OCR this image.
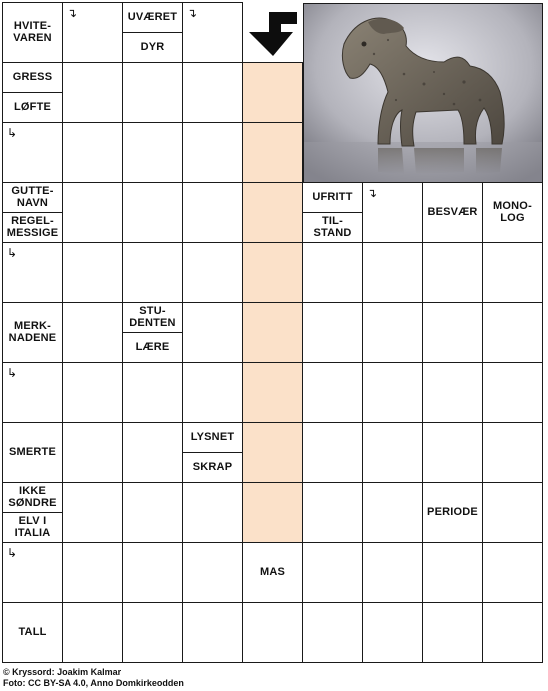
HVITE-
VAREN
UVÆRET
DYR
GRESS
LØFTE
GUTTE-
NAVN
REGEL-
MESSIGE
UFRITT
TIL-
STAND
BESVÆR	MONO-
LOG
MERK-
NADENE
STU-
DENTEN
LÆRE
SMERTE
LYSNET
SKRAP
IKKE
SØNDRE
ELV I
ITALIA
PERIODE
MAS
TALL
↴	↴
↴
↳
↳
↳
↳
© Kryssord: Joakim Kalmar
Foto: CC BY-SA 4.0, Anno Domkirkeodden
